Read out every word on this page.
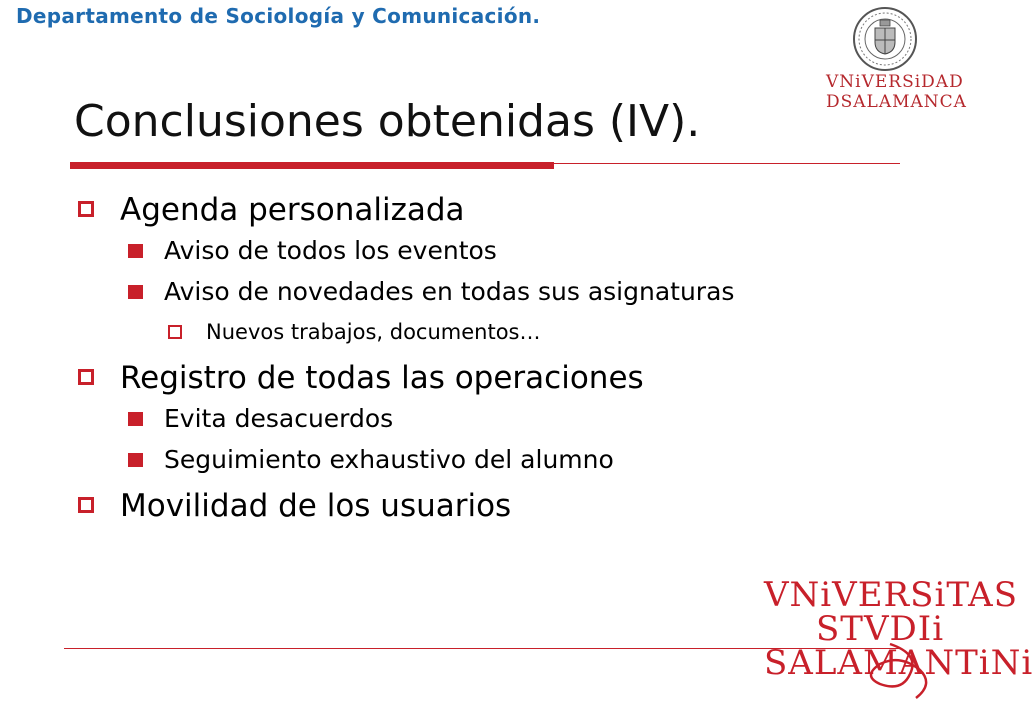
Departamento de Sociología y Comunicación.
VNiVERSiDAD
DSALAMANCA
Conclusiones obtenidas (IV).
Agenda personalizada
Aviso de todos los eventos
Aviso de novedades en todas sus asignaturas
Nuevos trabajos, documentos…
Registro de todas las operaciones
Evita desacuerdos
Seguimiento exhaustivo del alumno
Movilidad de los usuarios
VNiVERSiTAS
STVDIi
SALAMANTiNi
